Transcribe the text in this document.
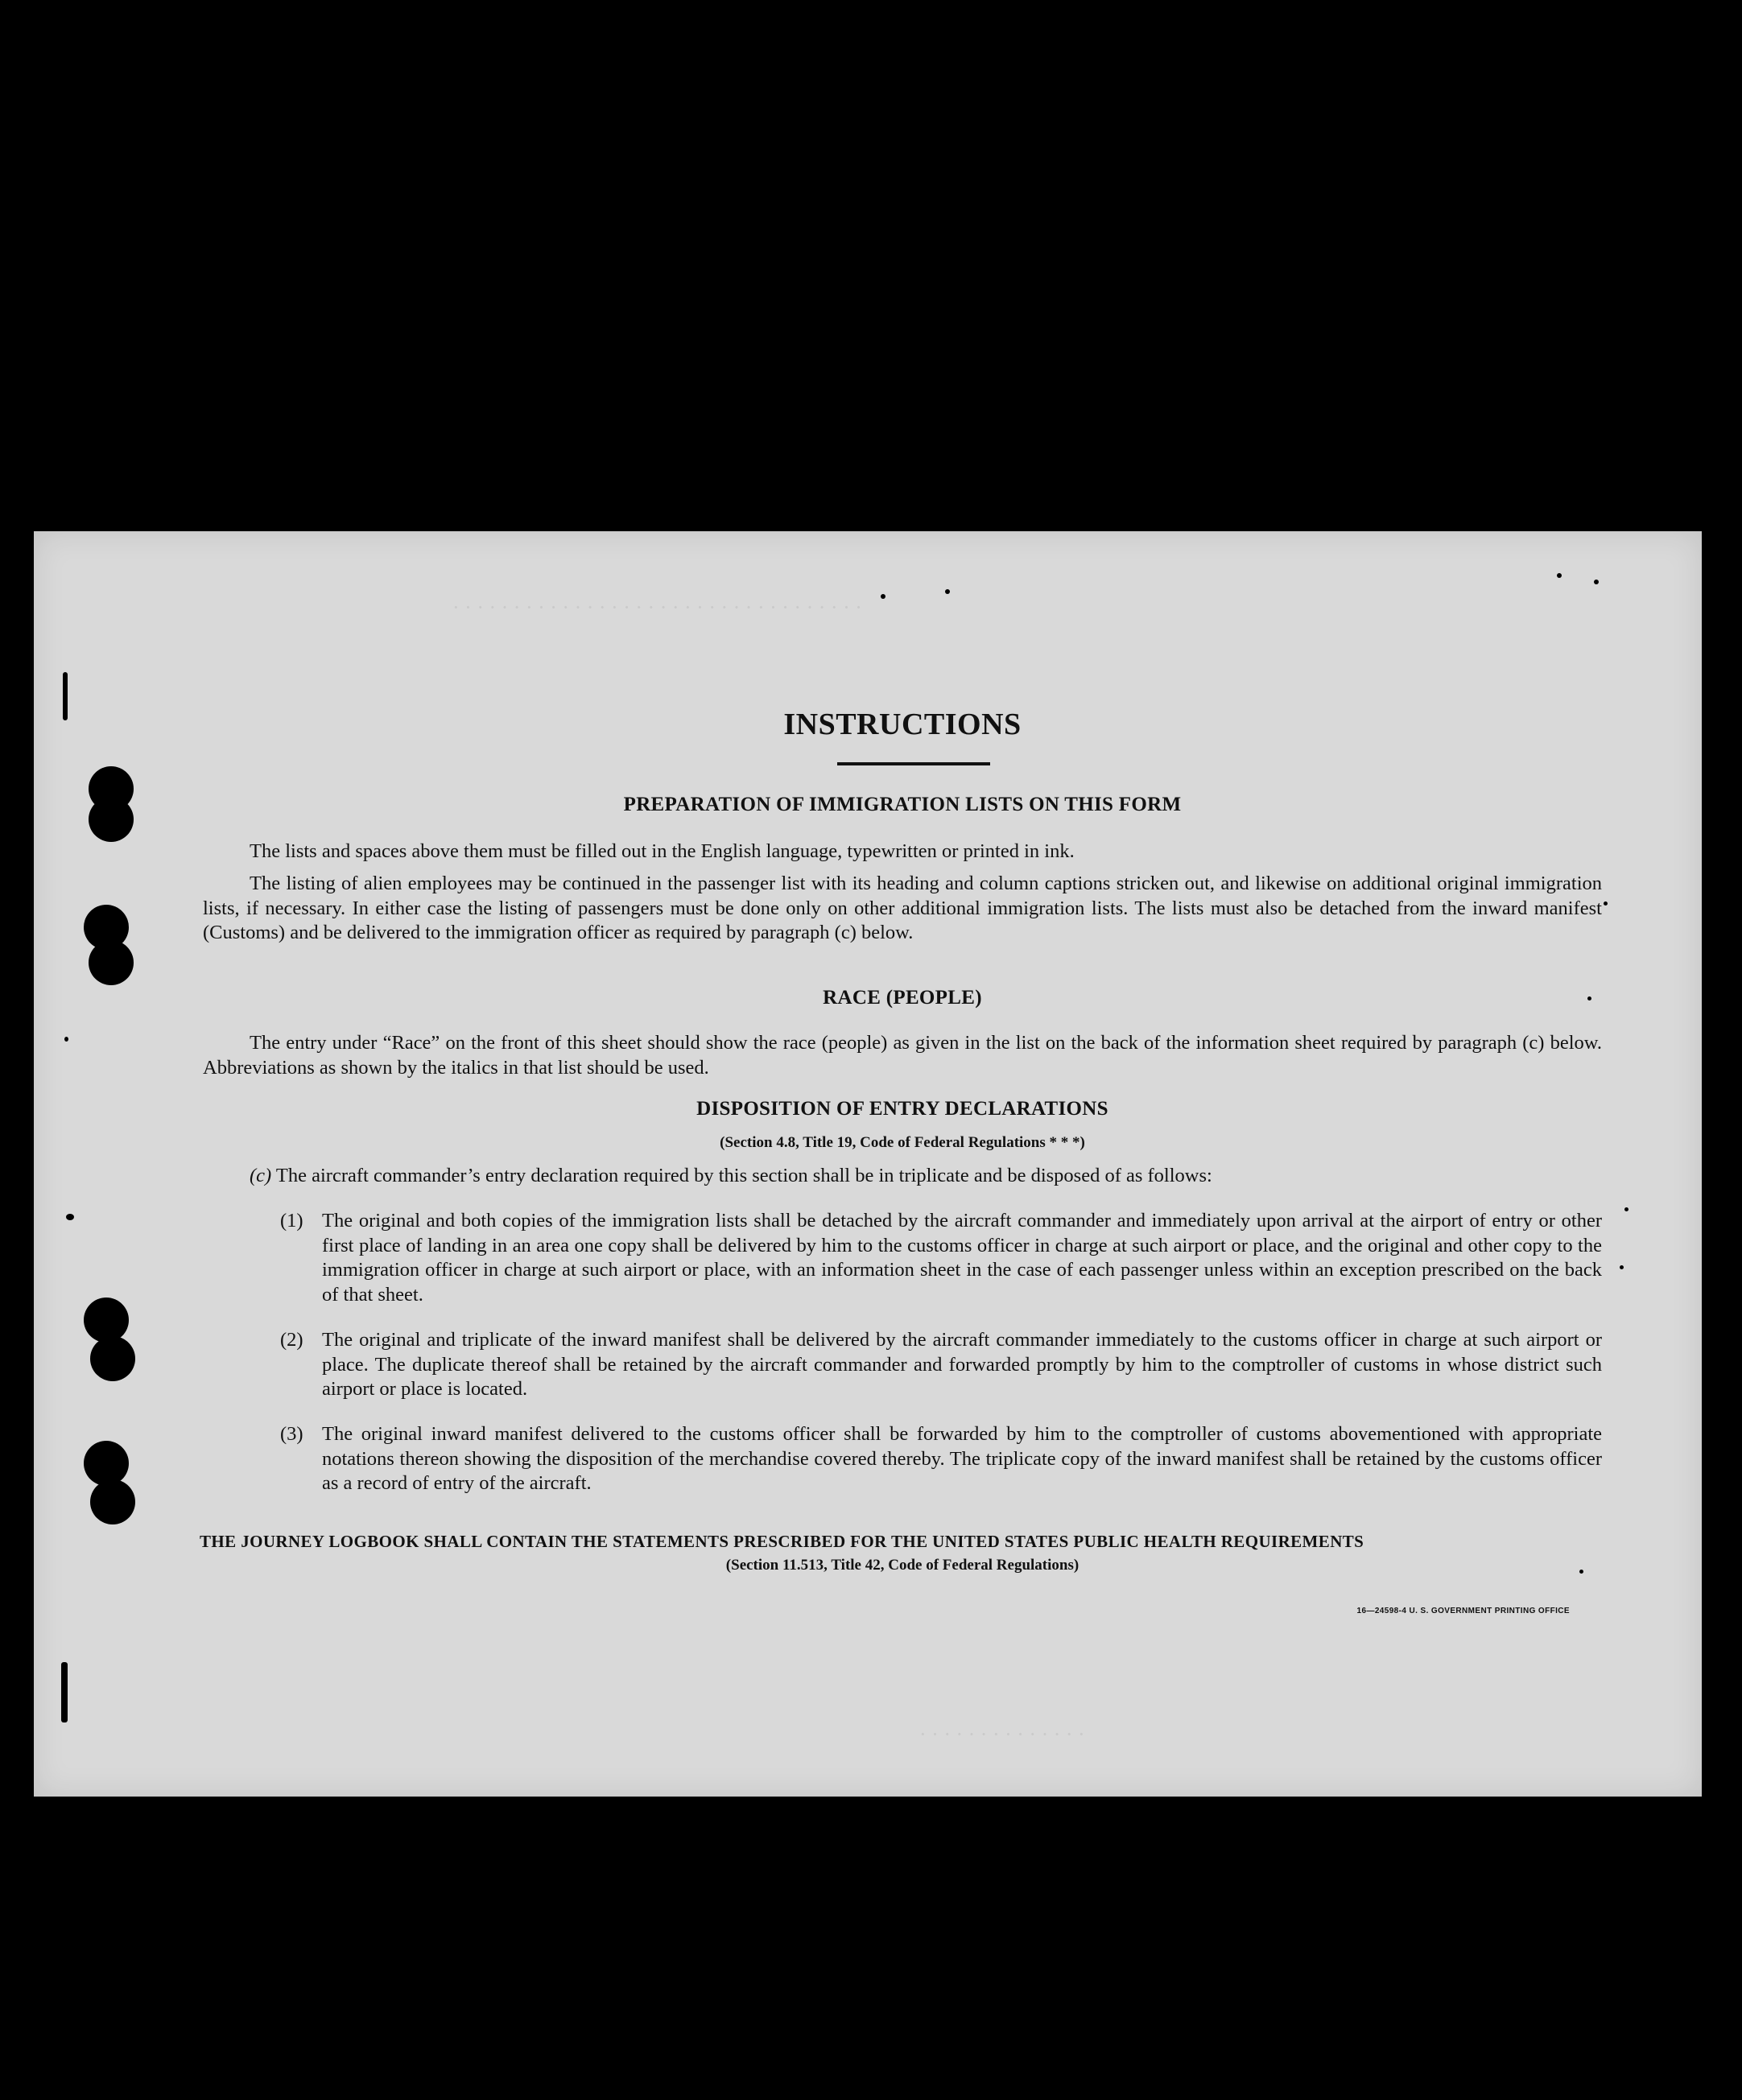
· · · · · · · · · · · · · · · · · · · · · · · · · · · · · · · · · ·
· · · · · · · · · · · · · ·
INSTRUCTIONS
PREPARATION OF IMMIGRATION LISTS ON THIS FORM
The lists and spaces above them must be filled out in the English language, typewritten or printed in ink.
The listing of alien employees may be continued in the passenger list with its heading and column captions stricken out, and likewise on additional original immigration lists, if necessary. In either case the listing of passengers must be done only on other additional immigration lists. The lists must also be detached from the inward manifest (Customs) and be delivered to the immigration officer as required by paragraph (c) below.
RACE (PEOPLE)
The entry under “Race” on the front of this sheet should show the race (people) as given in the list on the back of the information sheet required by paragraph (c) below. Abbreviations as shown by the italics in that list should be used.
DISPOSITION OF ENTRY DECLARATIONS
(Section 4.8, Title 19, Code of Federal Regulations * * *)
(c) The aircraft commander’s entry declaration required by this section shall be in triplicate and be disposed of as follows:
(1) The original and both copies of the immigration lists shall be detached by the aircraft commander and immediately upon arrival at the airport of entry or other first place of landing in an area one copy shall be delivered by him to the customs officer in charge at such airport or place, and the original and other copy to the immigration officer in charge at such airport or place, with an information sheet in the case of each passenger unless within an exception prescribed on the back of that sheet.
(2) The original and triplicate of the inward manifest shall be delivered by the aircraft commander immediately to the customs officer in charge at such airport or place. The duplicate thereof shall be retained by the aircraft commander and forwarded promptly by him to the comptroller of customs in whose district such airport or place is located.
(3) The original inward manifest delivered to the customs officer shall be forwarded by him to the comptroller of customs abovementioned with appropriate notations thereon showing the disposition of the merchandise covered thereby. The triplicate copy of the inward manifest shall be retained by the customs officer as a record of entry of the aircraft.
THE JOURNEY LOGBOOK SHALL CONTAIN THE STATEMENTS PRESCRIBED FOR THE UNITED STATES PUBLIC HEALTH REQUIREMENTS
(Section 11.513, Title 42, Code of Federal Regulations)
16—24598-4 U. S. GOVERNMENT PRINTING OFFICE
